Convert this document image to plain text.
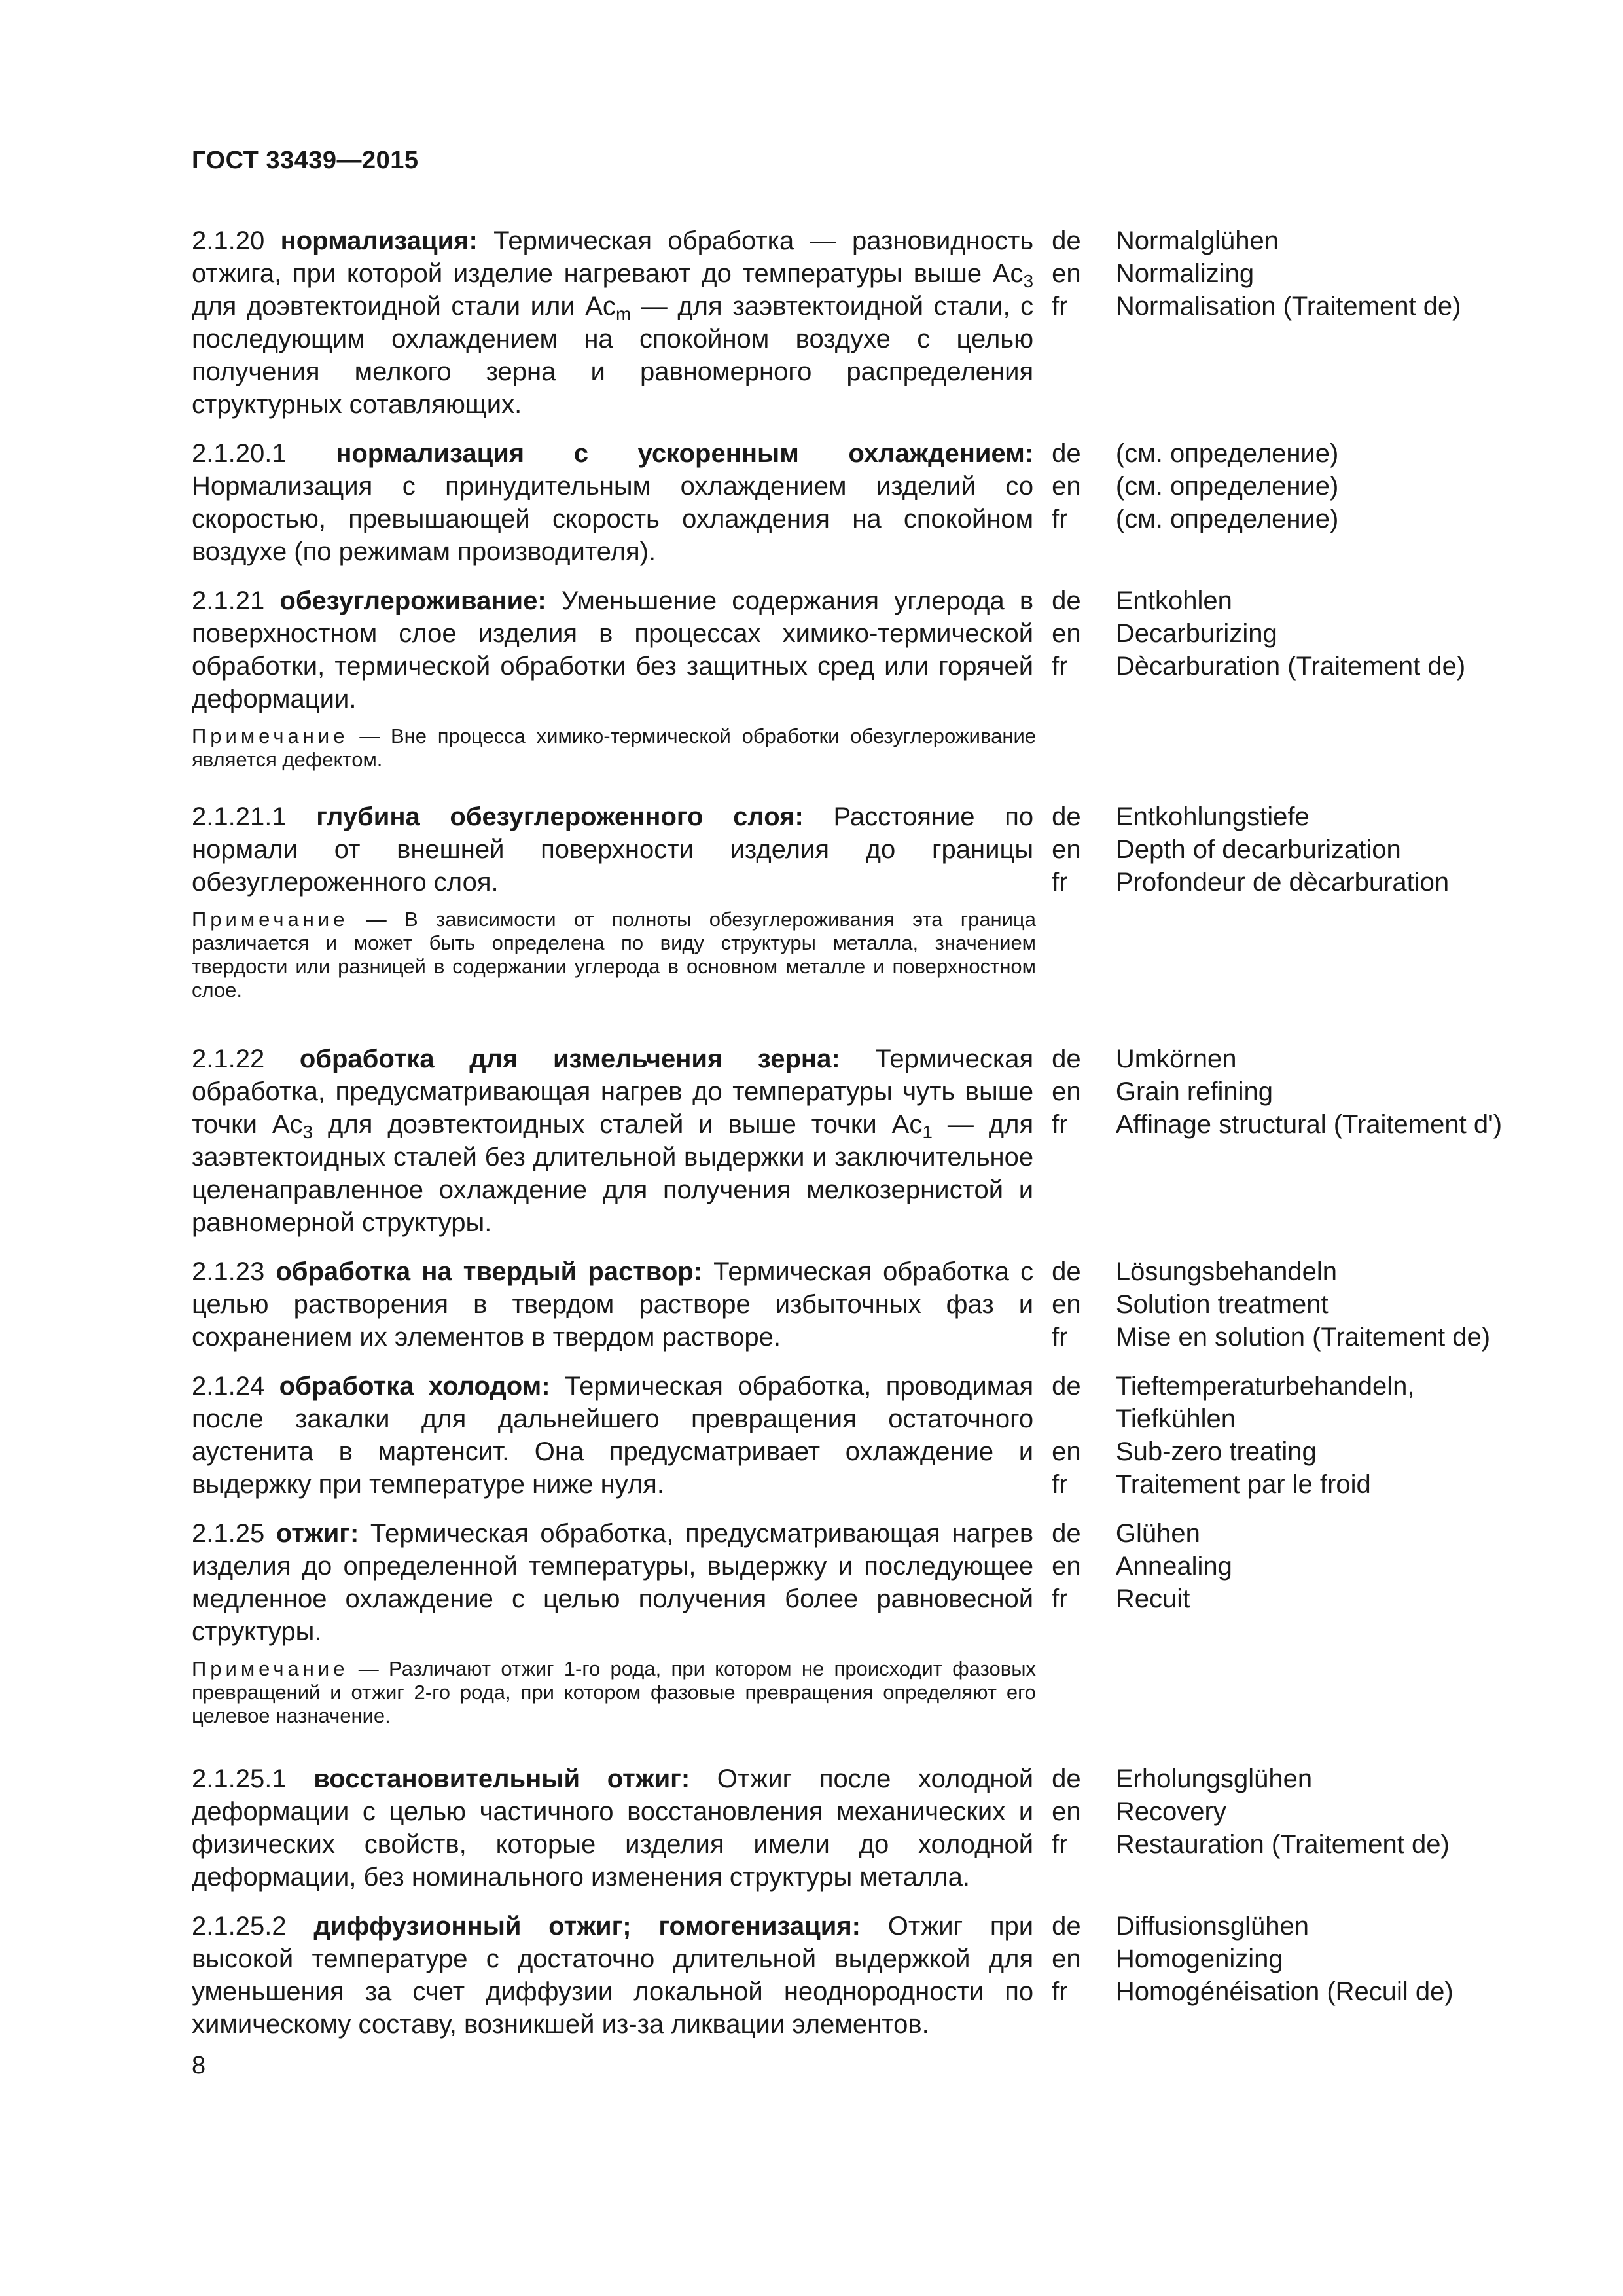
ГОСТ 33439—2015
2.1.20 нормализация: Термическая обработка — разновидность отжига, при которой изделие нагревают до температуры выше $Ac_3$ для доэвтектоидной стали или $Ac_m$ — для заэвтектоидной стали, с последующим охлаждением на спокойном воздухе с целью получения мелкого зерна и равномерного распределения структурных сотавляющих.
de
en
fr
Normalglühen
Normalizing
Normalisation (Traitement de)
2.1.20.1 нормализация с ускоренным охлаждением: Нормализация с принудительным охлаждением изделий со скоростью, превышающей скорость охлаждения на спокойном воздухе (по режимам производителя).
de
en
fr
(см. определение)
(см. определение)
(см. определение)
2.1.21 обезуглероживание: Уменьшение содержания углерода в поверхностном слое изделия в процессах химико-термической обработки, термической обработки без защитных сред или горячей деформации.
de
en
fr
Entkohlen
Decarburizing
Dècarburation (Traitement de)
Примечание — Вне процесса химико-термической обработки обезуглероживание является дефектом.
2.1.21.1 глубина обезуглероженного слоя: Расстояние по нормали от внешней поверхности изделия до границы обезуглероженного слоя.
de
en
fr
Entkohlungstiefe
Depth of decarburization
Profondeur de dècarburation
Примечание — В зависимости от полноты обезуглероживания эта граница различается и может быть определена по виду структуры металла, значением твердости или разницей в содержании углерода в основном металле и поверхностном слое.
2.1.22 обработка для измельчения зерна: Термическая обработка, предусматривающая нагрев до температуры чуть выше точки $Ac_3$ для доэвтектоидных сталей и выше точки $Ac_1$ — для заэвтектоидных сталей без длительной выдержки и заключительное целенаправленное охлаждение для получения мелкозернистой и равномерной структуры.
de
en
fr
Umkörnen
Grain refining
Affinage structural (Traitement d')
2.1.23 обработка на твердый раствор: Термическая обработка с целью растворения в твердом растворе избыточных фаз и сохранением их элементов в твердом растворе.
de
en
fr
Lösungsbehandeln
Solution treatment
Mise en solution (Traitement de)
2.1.24 обработка холодом: Термическая обработка, проводимая после закалки для дальнейшего превращения остаточного аустенита в мартенсит. Она предусматривает охлаждение и выдержку при температуре ниже нуля.
de
en
fr
Tieftemperaturbehandeln,
Tiefkühlen
Sub-zero treating
Traitement par le froid
2.1.25 отжиг: Термическая обработка, предусматривающая нагрев изделия до определенной температуры, выдержку и последующее медленное охлаждение с целью получения более равновесной структуры.
de
en
fr
Glühen
Annealing
Recuit
Примечание — Различают отжиг 1-го рода, при котором не происходит фазовых превращений и отжиг 2-го рода, при котором фазовые превращения определяют его целевое назначение.
2.1.25.1 восстановительный отжиг: Отжиг после холодной деформации с целью частичного восстановления механических и физических свойств, которые изделия имели до холодной деформации, без номинального изменения структуры металла.
de
en
fr
Erholungsglühen
Recovery
Restauration (Traitement de)
2.1.25.2 диффузионный отжиг; гомогенизация: Отжиг при высокой температуре с достаточно длительной выдержкой для уменьшения за счет диффузии локальной неоднородности по химическому составу, возникшей из-за ликвации элементов.
de
en
fr
Diffusionsglühen
Homogenizing
Homogénéisation (Recuil de)
8
